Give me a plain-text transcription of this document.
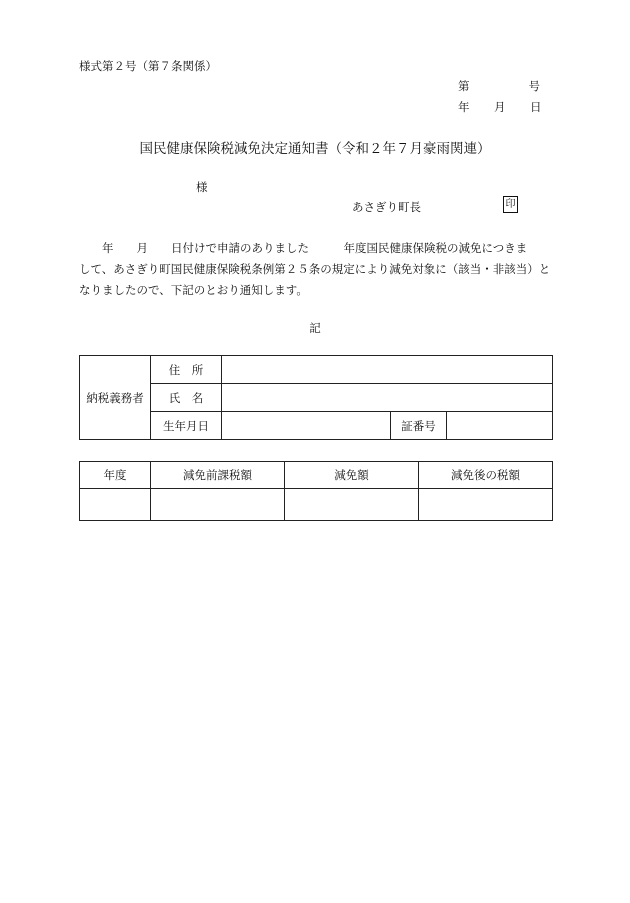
様式第２号（第７条関係）
第	号
年 月 日
国民健康保険税減免決定通知書（令和２年７月豪雨関連）
様
あさぎり町長	印

　　年　　月　　日付けで申請のありました　　　年度国民健康保険税の減免につきま

して、あさぎり町国民健康保険税条例第２５条の規定により減免対象に（該当・非該当）と

なりましたので、下記のとおり通知します。

記
納税義務者	住　所			
	氏　名			
	生年月日		証番号	
年度	減免前課税額	減免額	減免後の税額
